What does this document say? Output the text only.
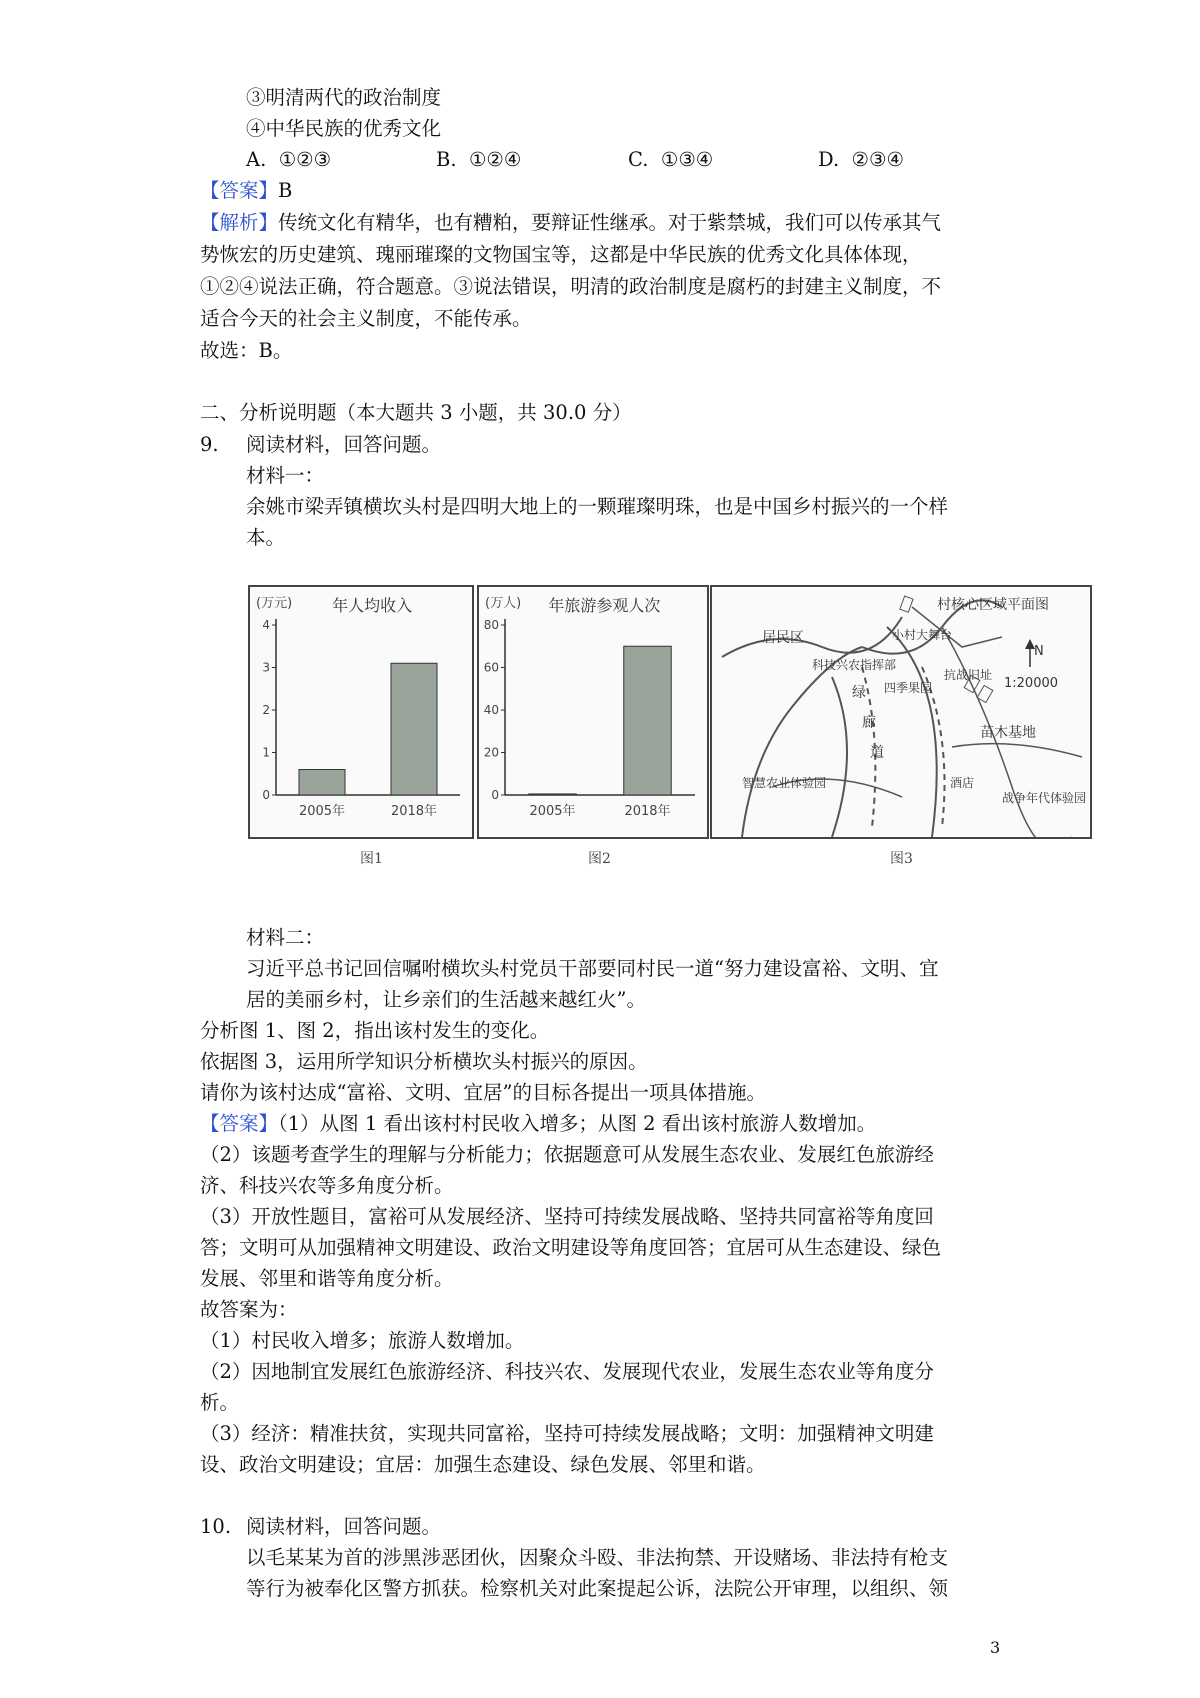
③明清两代的政治制度
④中华民族的优秀文化
A. ①②③	B. ①②④	C. ①③④	D. ②③④
【答案】B
【解析】传统文化有精华，也有糟粕，要辩证性继承。对于紫禁城，我们可以传承其气
势恢宏的历史建筑、瑰丽璀璨的文物国宝等，这都是中华民族的优秀文化具体体现，
①②④说法正确，符合题意。③说法错误，明清的政治制度是腐朽的封建主义制度，不
适合今天的社会主义制度，不能传承。
故选：B。
二、分析说明题（本大题共 3 小题，共 30.0 分）
9. 阅读材料，回答问题。
材料一：
余姚市梁弄镇横坎头村是四明大地上的一颗璀璨明珠，也是中国乡村振兴的一个样
本。
(万元) 年人均收入
0
1
2
3
4
2005年	2018年
图1
(万人) 年旅游参观人次
0
20
40
60
80
2005年	2018年
图2
村核心区域平面图
居民区	小村大舞台
科技兴农指挥部
绿
廊
道
四季果园
抗战旧址
苗木基地
智慧农业体验园	酒店
战争年代体验园
N
1:20000
图3
材料二：
习近平总书记回信嘱咐横坎头村党员干部要同村民一道“努力建设富裕、文明、宜
居的美丽乡村，让乡亲们的生活越来越红火”。
分析图 1、图 2，指出该村发生的变化。
依据图 3，运用所学知识分析横坎头村振兴的原因。
请你为该村达成“富裕、文明、宜居”的目标各提出一项具体措施。
【答案】（1）从图 1 看出该村村民收入增多；从图 2 看出该村旅游人数增加。
（2）该题考查学生的理解与分析能力；依据题意可从发展生态农业、发展红色旅游经
济、科技兴农等多角度分析。
（3）开放性题目，富裕可从发展经济、坚持可持续发展战略、坚持共同富裕等角度回
答；文明可从加强精神文明建设、政治文明建设等角度回答；宜居可从生态建设、绿色
发展、邻里和谐等角度分析。
故答案为：
（1）村民收入增多；旅游人数增加。
（2）因地制宜发展红色旅游经济、科技兴农、发展现代农业，发展生态农业等角度分
析。
（3）经济：精准扶贫，实现共同富裕，坚持可持续发展战略；文明：加强精神文明建
设、政治文明建设；宜居：加强生态建设、绿色发展、邻里和谐。
10. 阅读材料，回答问题。
以毛某某为首的涉黑涉恶团伙，因聚众斗殴、非法拘禁、开设赌场、非法持有枪支
等行为被奉化区警方抓获。检察机关对此案提起公诉，法院公开审理，以组织、领
3
